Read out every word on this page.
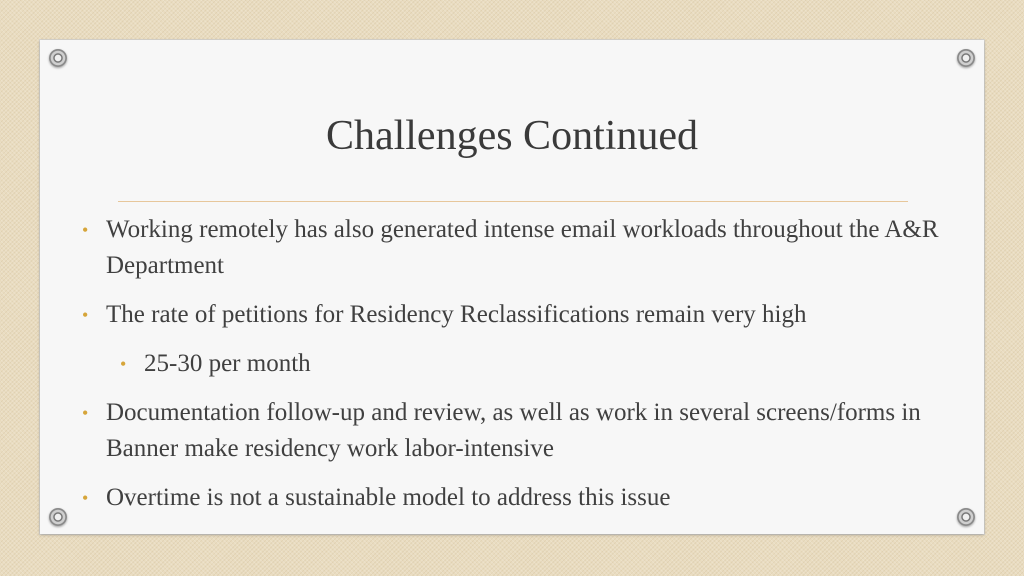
Challenges Continued
• Working remotely has also generated intense email workloads throughout the A&R Department
• The rate of petitions for Residency Reclassifications remain very high
• 25-30 per month
• Documentation follow-up and review, as well as work in several screens/forms in Banner make residency work labor-intensive
• Overtime is not a sustainable model to address this issue
